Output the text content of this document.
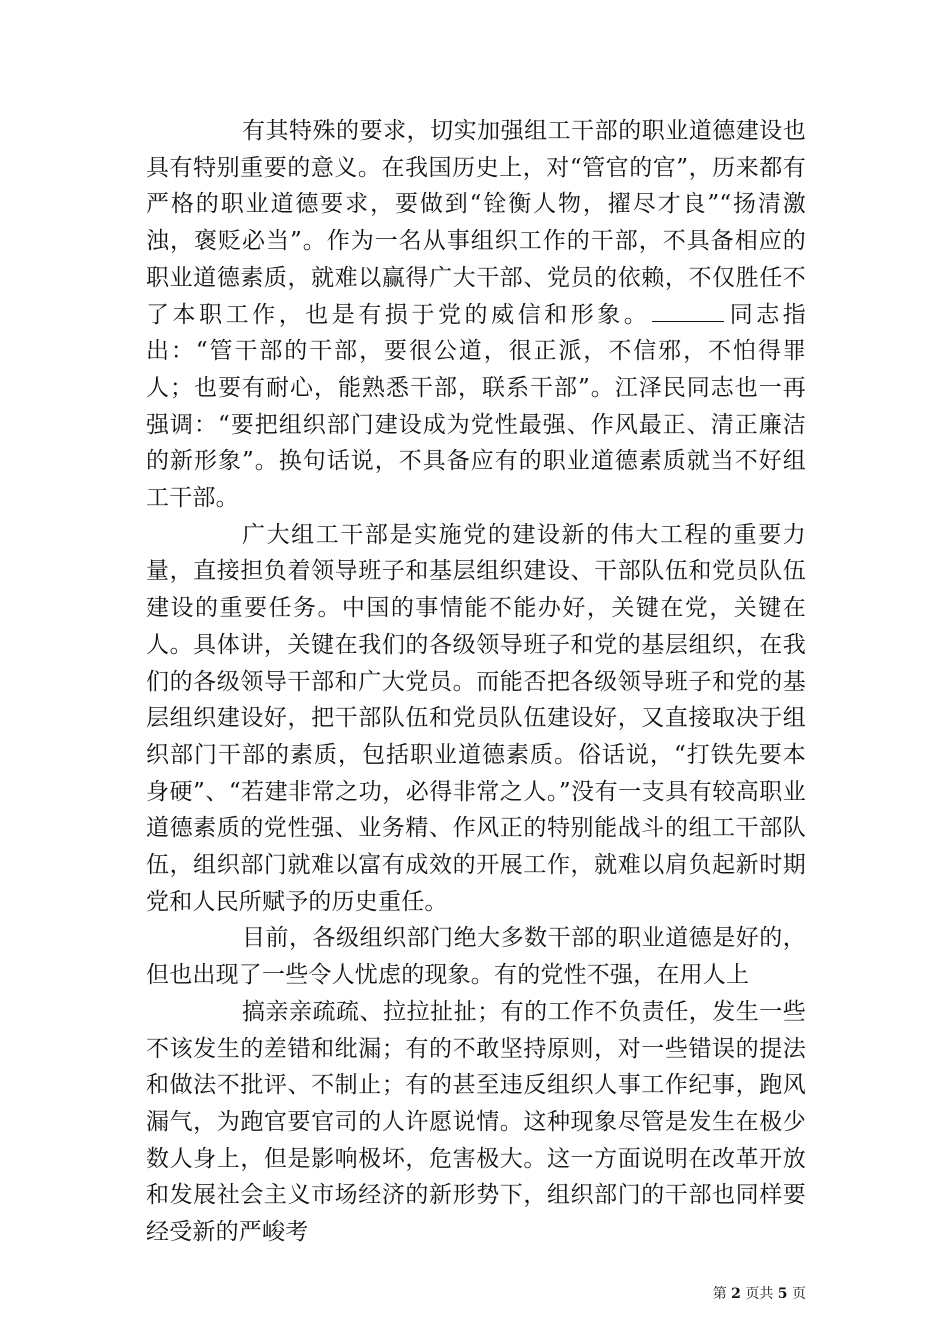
有其特殊的要求，切实加强组工干部的职业道德建设也具有特别重要的意义。在我国历史上，对“管官的官”，历来都有严格的职业道德要求，要做到“铨衡人物，擢尽才良”“扬清激浊，褒贬必当”。作为一名从事组织工作的干部，不具备相应的职业道德素质，就难以赢得广大干部、党员的依赖，不仅胜任不了本职工作，也是有损于党的威信和形象。	同志指出：“管干部的干部，要很公道，很正派，不信邪，不怕得罪人；也要有耐心，能熟悉干部，联系干部”。江泽民同志也一再强调：“要把组织部门建设成为党性最强、作风最正、清正廉洁的新形象”。换句话说，不具备应有的职业道德素质就当不好组工干部。

广大组工干部是实施党的建设新的伟大工程的重要力量，直接担负着领导班子和基层组织建设、干部队伍和党员队伍建设的重要任务。中国的事情能不能办好，关键在党，关键在人。具体讲，关键在我们的各级领导班子和党的基层组织，在我们的各级领导干部和广大党员。而能否把各级领导班子和党的基层组织建设好，把干部队伍和党员队伍建设好，又直接取决于组织部门干部的素质，包括职业道德素质。俗话说，“打铁先要本身硬”、“若建非常之功，必得非常之人。”没有一支具有较高职业道德素质的党性强、业务精、作风正的特别能战斗的组工干部队伍，组织部门就难以富有成效的开展工作，就难以肩负起新时期党和人民所赋予的历史重任。

目前，各级组织部门绝大多数干部的职业道德是好的，但也出现了一些令人忧虑的现象。有的党性不强，在用人上

搞亲亲疏疏、拉拉扯扯；有的工作不负责任，发生一些不该发生的差错和纰漏；有的不敢坚持原则，对一些错误的提法和做法不批评、不制止；有的甚至违反组织人事工作纪事，跑风漏气，为跑官要官司的人许愿说情。这种现象尽管是发生在极少数人身上，但是影响极坏，危害极大。这一方面说明在改革开放和发展社会主义市场经济的新形势下，组织部门的干部也同样要经受新的严峻考

第 2 页共 5 页
